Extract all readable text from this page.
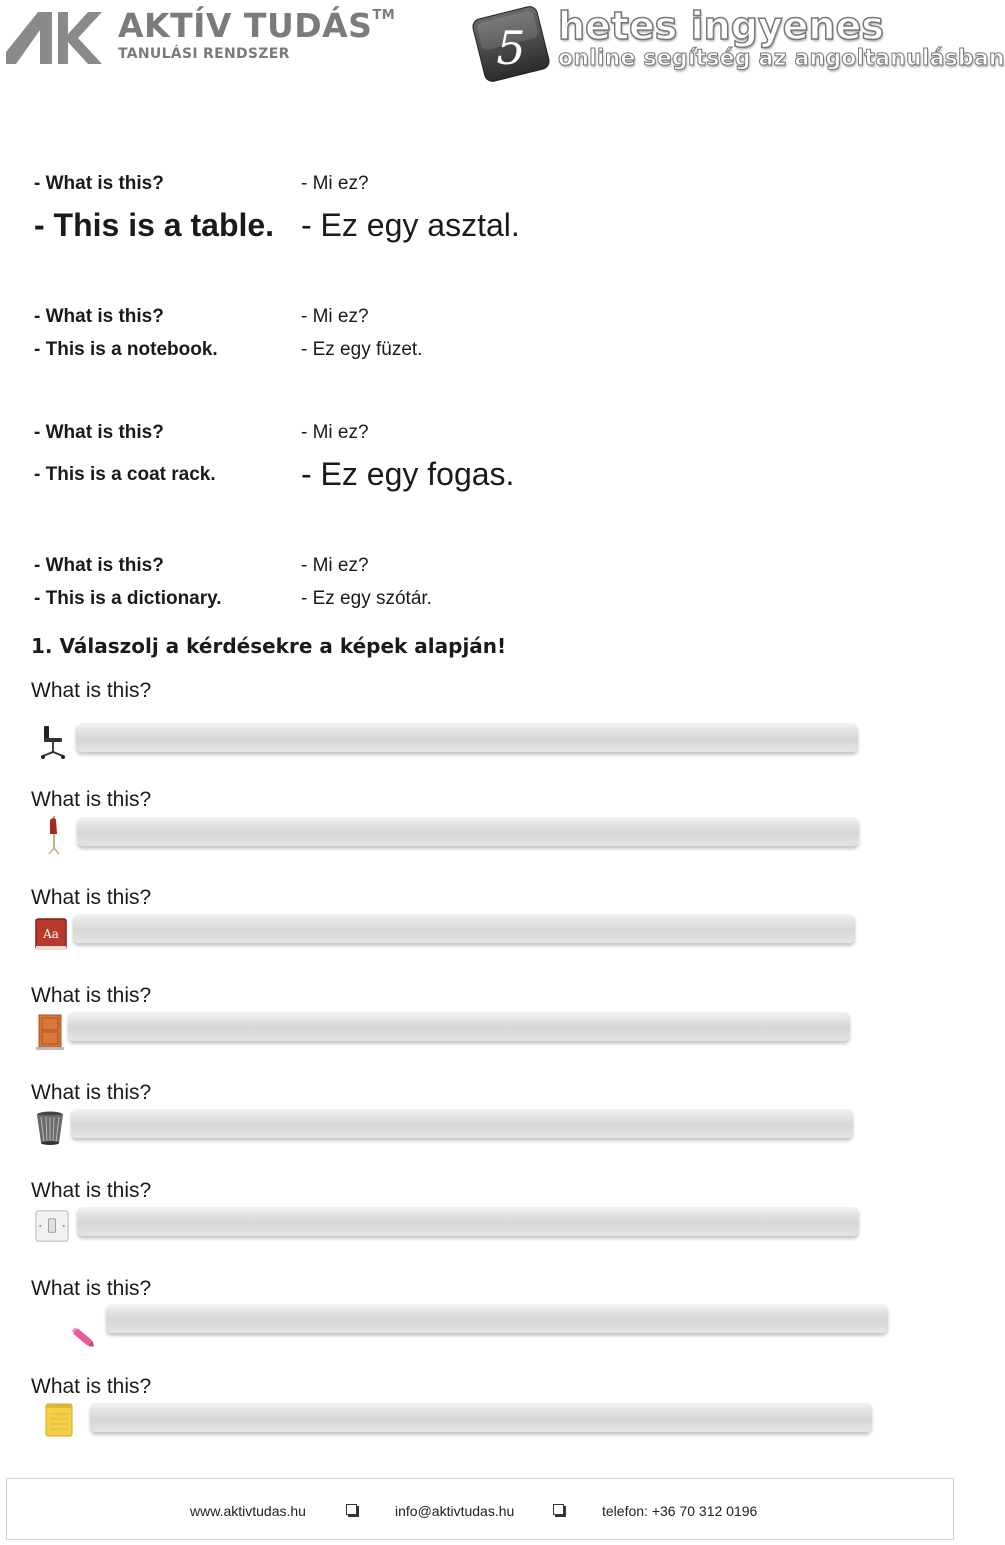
AKTÍV TUDÁS™
TANULÁSI RENDSZER	5 hetes ingyenes
online segítség az angoltanulásban
- What is this?	- Mi ez?
- This is a table. - Ez egy asztal.
- What is this?	- Mi ez?
- This is a notebook.	- Ez egy füzet.
- What is this?	- Mi ez?
- This is a coat rack.	- Ez egy fogas.
- What is this?	- Mi ez?
- This is a dictionary.	- Ez egy szótár.
1. Válaszolj a kérdésekre a képek alapján!
What is this?
What is this?
What is this?
Aa
What is this?
What is this?
What is this?
What is this?
What is this?
www.aktivtudas.hu	info@aktivtudas.hu	telefon: +36 70 312 0196
